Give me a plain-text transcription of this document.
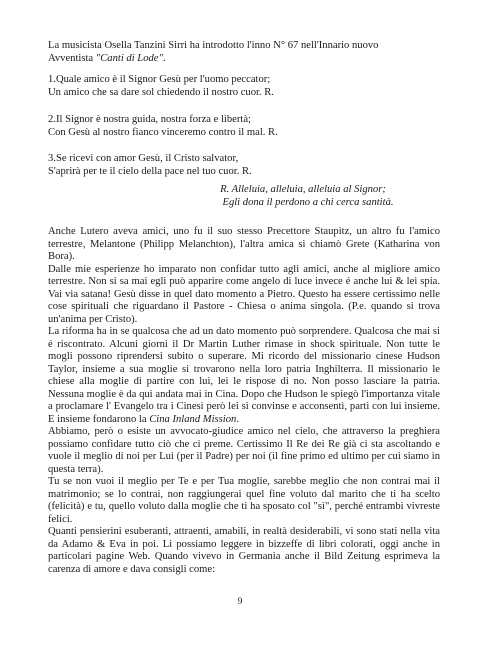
La musicista Osella Tanzini Sirri ha introdotto l'inno N° 67 nell'Innario nuovo
Avventista "Canti di Lode".

1.Quale amico è il Signor Gesù per l'uomo peccator;
Un amico che sa dare sol chiedendo il nostro cuor. R.
2.Il Signor è nostra guida, nostra forza e libertà;
Con Gesù al nostro fianco vinceremo contro il mal. R.
3.Se ricevi con amor Gesù, il Cristo salvator,
S'aprirà per te il cielo della pace nel tuo cuor. R.
R. Alleluia, alleluia, alleluia al Signor;
Egli dona il perdono a chi cerca santità.

Anche Lutero aveva amici, uno fu il suo stesso Precettore Staupitz, un altro fu l'amico terrestre, Melantone (Philipp Melanchton), l'altra amica si chiamò Grete (Katharina von Bora).

Dalle mie esperienze ho imparato non confidar tutto agli amici, anche al migliore amico terrestre. Non si sa mai egli può apparire come angelo di luce invece é anche lui & lei spia. Vai via satana! Gesù disse in quel dato momento a Pietro. Questo ha essere certissimo nelle cose spirituali che riguardano il Pastore - Chiesa o anima singola. (P.e. quando si trova un'anima per Cristo).

La riforma ha in se qualcosa che ad un dato momento può sorprendere. Qualcosa che mai si é riscontrato. Alcuni giorni il Dr Martin Luther rimase in shock spirituale. Non tutte le mogli possono riprendersi subito o superare. Mi ricordo del missionario cinese Hudson Taylor, insieme a sua moglie si trovarono nella loro patria Inghilterra. Il missionario le chiese alla moglie di partire con lui, lei le rispose di no. Non posso lasciare la patria. Nessuna moglie è da qui andata mai in Cina. Dopo che Hudson le spiegò l'importanza vitale a proclamare l' Evangelo tra i Cinesi però lei si convinse e acconsentì, partì con lui insieme. E insieme fondarono la Cina Inland Mission.

Abbiamo, però o esiste un avvocato-giudice amico nel cielo, che attraverso la preghiera possiamo confidare tutto ciò che ci preme. Certissimo Il Re dei Re già ci sta ascoltando e vuole il meglio di noi per Lui (per il Padre) per noi (il fine primo ed ultimo per cui siamo in questa terra).

Tu se non vuoi il meglio per Te e per Tua moglie, sarebbe meglio che non contrai mai il matrimonio; se lo contrai, non raggiungerai quel fine voluto dal marito che ti ha scelto (felicità) e tu, quello voluto dalla moglie che ti ha sposato col "sì", perché entrambi vivreste felici.

Quanti pensierini esuberanti, attraenti, amabili, in realtà desiderabili, vi sono stati nella vita da Adamo & Eva in poi. Li possiamo leggere in bizzeffe di libri colorati, oggi anche in particolari pagine Web. Quando vivevo in Germania anche il Bild Zeitung esprimeva la carenza di amore e dava consigli come:

9
